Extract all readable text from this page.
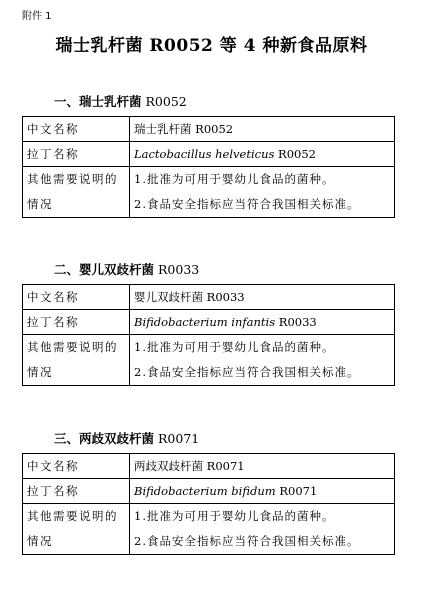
附件 1
瑞士乳杆菌 R0052 等 4 种新食品原料
一、瑞士乳杆菌 R0052
中文名称	瑞士乳杆菌 R0052
拉丁名称	Lactobacillus helveticus R0052

其他需要说明的
情况	1.批准为可用于婴幼儿食品的菌种。
2.食品安全指标应当符合我国相关标准。
二、婴儿双歧杆菌 R0033
中文名称	婴儿双歧杆菌 R0033
拉丁名称	Bifidobacterium infantis R0033

其他需要说明的
情况	1.批准为可用于婴幼儿食品的菌种。
2.食品安全指标应当符合我国相关标准。
三、两歧双歧杆菌 R0071
中文名称	两歧双歧杆菌 R0071
拉丁名称	Bifidobacterium bifidum R0071

其他需要说明的
情况	1.批准为可用于婴幼儿食品的菌种。
2.食品安全指标应当符合我国相关标准。
